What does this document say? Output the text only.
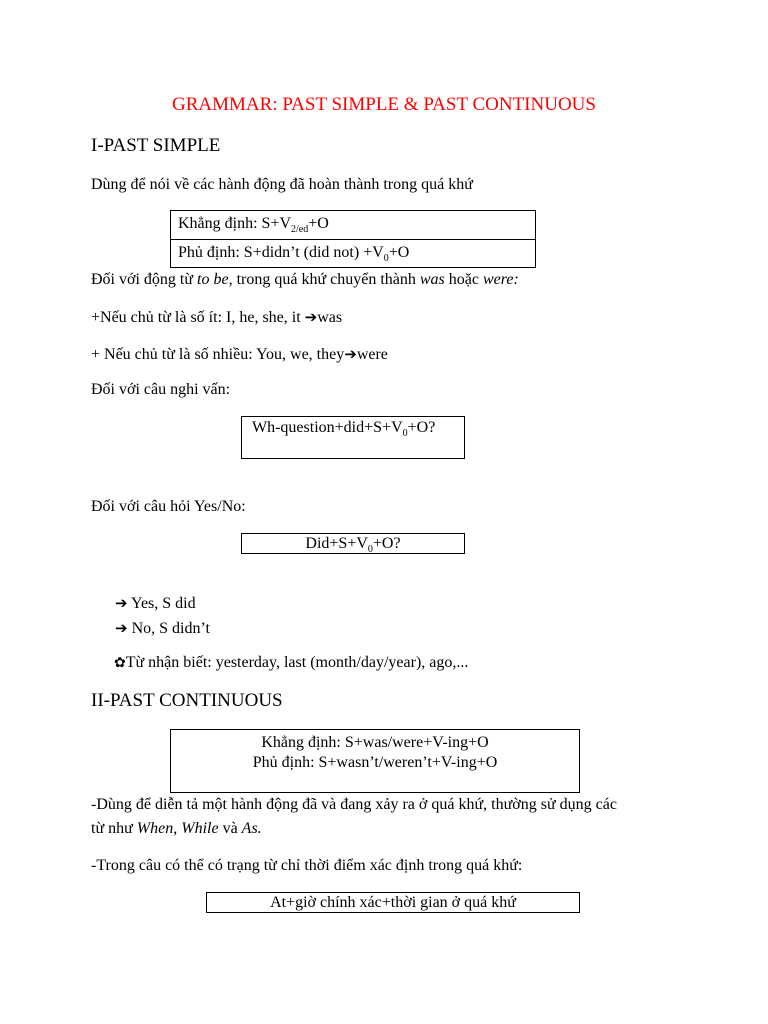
GRAMMAR: PAST SIMPLE & PAST CONTINUOUS
I-PAST SIMPLE
Dùng để nói về các hành động đã hoàn thành trong quá khứ
Khẳng định: $S+V_{2/ed}+O$
Phủ định: S+didn’t (did $not) +V_0+O$
Đối với động từ to be, trong quá khứ chuyển thành was hoặc were:
+Nếu chủ từ là số ít: I, he, she, it ➔was
+ Nếu chủ từ là số nhiều: You, we, they➔were
Đối với câu nghi vấn:
$Wh-question+did+S+V_0+O$?
Đối với câu hỏi Yes/No:
$Did+S+V_0+O$?
➔ Yes, S did
➔ No, S didn’t
✿Từ nhận biết: yesterday, last (month/day/year), ago,...
II-PAST CONTINUOUS
Khẳng định: S+was/were+V-ing+O
Phủ định: S+wasn’t/weren’t+V-ing+O
-Dùng để diễn tả một hành động đã và đang xảy ra ở quá khứ, thường sử dụng các
từ như When, While và As.
-Trong câu có thể có trạng từ chỉ thời điểm xác định trong quá khứ:
At+giờ chính xác+thời gian ở quá khứ
